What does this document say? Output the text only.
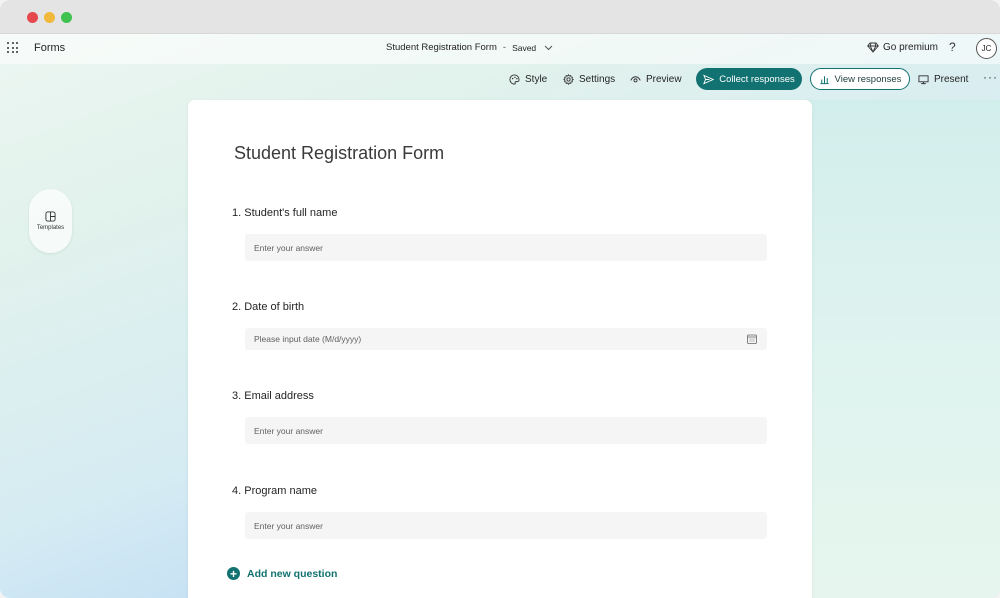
Forms	Student Registration Form - Saved	Go premium ?	JC
Style	Settings	Preview	Collect responses	View responses	Present ···
Templates
Student Registration Form
1. Student's full name
Enter your answer
2. Date of birth
Please input date (M/d/yyyy)
3. Email address
Enter your answer
4. Program name
Enter your answer
+ Add new question
